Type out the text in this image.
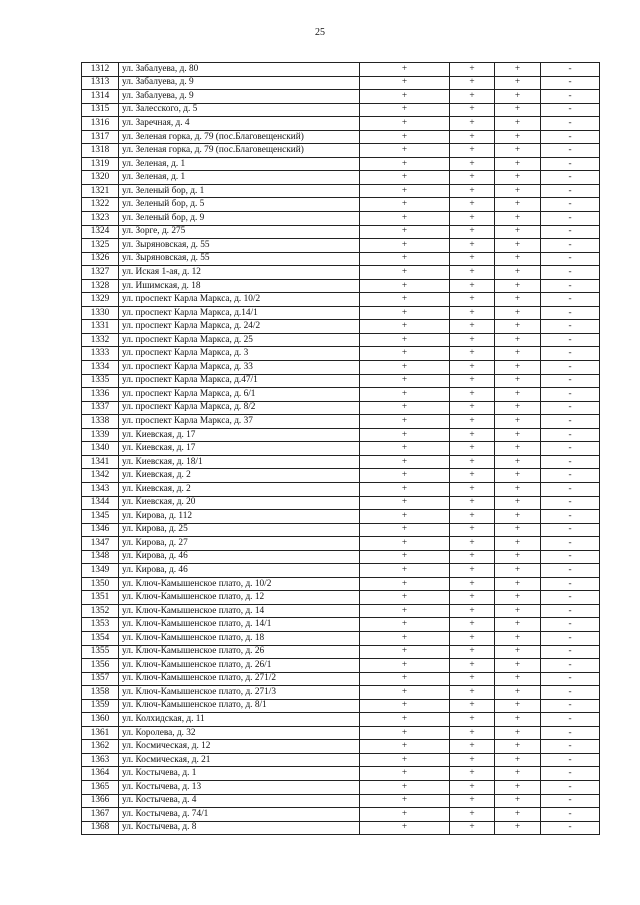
25
1312	ул. Забалуева, д. 80	+	+	+	-
1313	ул. Забалуева, д. 9	+	+	+	-
1314	ул. Забалуева, д. 9	+	+	+	-
1315	ул. Залесского, д. 5	+	+	+	-
1316	ул. Заречная, д. 4	+	+	+	-
1317	ул. Зеленая горка, д. 79 (пос.Благовещенский)	+	+	+	-
1318	ул. Зеленая горка, д. 79 (пос.Благовещенский)	+	+	+	-
1319	ул. Зеленая, д. 1	+	+	+	-
1320	ул. Зеленая, д. 1	+	+	+	-
1321	ул. Зеленый бор, д. 1	+	+	+	-
1322	ул. Зеленый бор, д. 5	+	+	+	-
1323	ул. Зеленый бор, д. 9	+	+	+	-
1324	ул. Зорге, д. 275	+	+	+	-
1325	ул. Зыряновская, д. 55	+	+	+	-
1326	ул. Зыряновская, д. 55	+	+	+	-
1327	ул. Иская 1-ая, д. 12	+	+	+	-
1328	ул. Ишимская, д. 18	+	+	+	-
1329	ул. проспект Карла Маркса, д. 10/2	+	+	+	-
1330	ул. проспект Карла Маркса, д.14/1	+	+	+	-
1331	ул. проспект Карла Маркса, д. 24/2	+	+	+	-
1332	ул. проспект Карла Маркса, д. 25	+	+	+	-
1333	ул. проспект Карла Маркса, д. 3	+	+	+	-
1334	ул. проспект Карла Маркса, д. 33	+	+	+	-
1335	ул. проспект Карла Маркса, д.47/1	+	+	+	-
1336	ул. проспект Карла Маркса, д. 6/1	+	+	+	-
1337	ул. проспект Карла Маркса, д. 8/2	+	+	+	-
1338	ул. проспект Карла Маркса, д. 37	+	+	+	-
1339	ул. Киевская, д. 17	+	+	+	-
1340	ул. Киевская, д. 17	+	+	+	-
1341	ул. Киевская, д. 18/1	+	+	+	-
1342	ул. Киевская, д. 2	+	+	+	-
1343	ул. Киевская, д. 2	+	+	+	-
1344	ул. Киевская, д. 20	+	+	+	-
1345	ул. Кирова, д. 112	+	+	+	-
1346	ул. Кирова, д. 25	+	+	+	-
1347	ул. Кирова, д. 27	+	+	+	-
1348	ул. Кирова, д. 46	+	+	+	-
1349	ул. Кирова, д. 46	+	+	+	-
1350	ул. Ключ-Камышенское плато, д. 10/2	+	+	+	-
1351	ул. Ключ-Камышенское плато, д. 12	+	+	+	-
1352	ул. Ключ-Камышенское плато, д. 14	+	+	+	-
1353	ул. Ключ-Камышенское плато, д. 14/1	+	+	+	-
1354	ул. Ключ-Камышенское плато, д. 18	+	+	+	-
1355	ул. Ключ-Камышенское плато, д. 26	+	+	+	-
1356	ул. Ключ-Камышенское плато, д. 26/1	+	+	+	-
1357	ул. Ключ-Камышенское плато, д. 271/2	+	+	+	-
1358	ул. Ключ-Камышенское плато, д. 271/3	+	+	+	-
1359	ул. Ключ-Камышенское плато, д. 8/1	+	+	+	-
1360	ул. Колхидская, д. 11	+	+	+	-
1361	ул. Королева, д. 32	+	+	+	-
1362	ул. Космическая, д. 12	+	+	+	-
1363	ул. Космическая, д. 21	+	+	+	-
1364	ул. Костычева, д. 1	+	+	+	-
1365	ул. Костычева, д. 13	+	+	+	-
1366	ул. Костычева, д. 4	+	+	+	-
1367	ул. Костычева, д. 74/1	+	+	+	-
1368	ул. Костычева, д. 8	+	+	+	-
